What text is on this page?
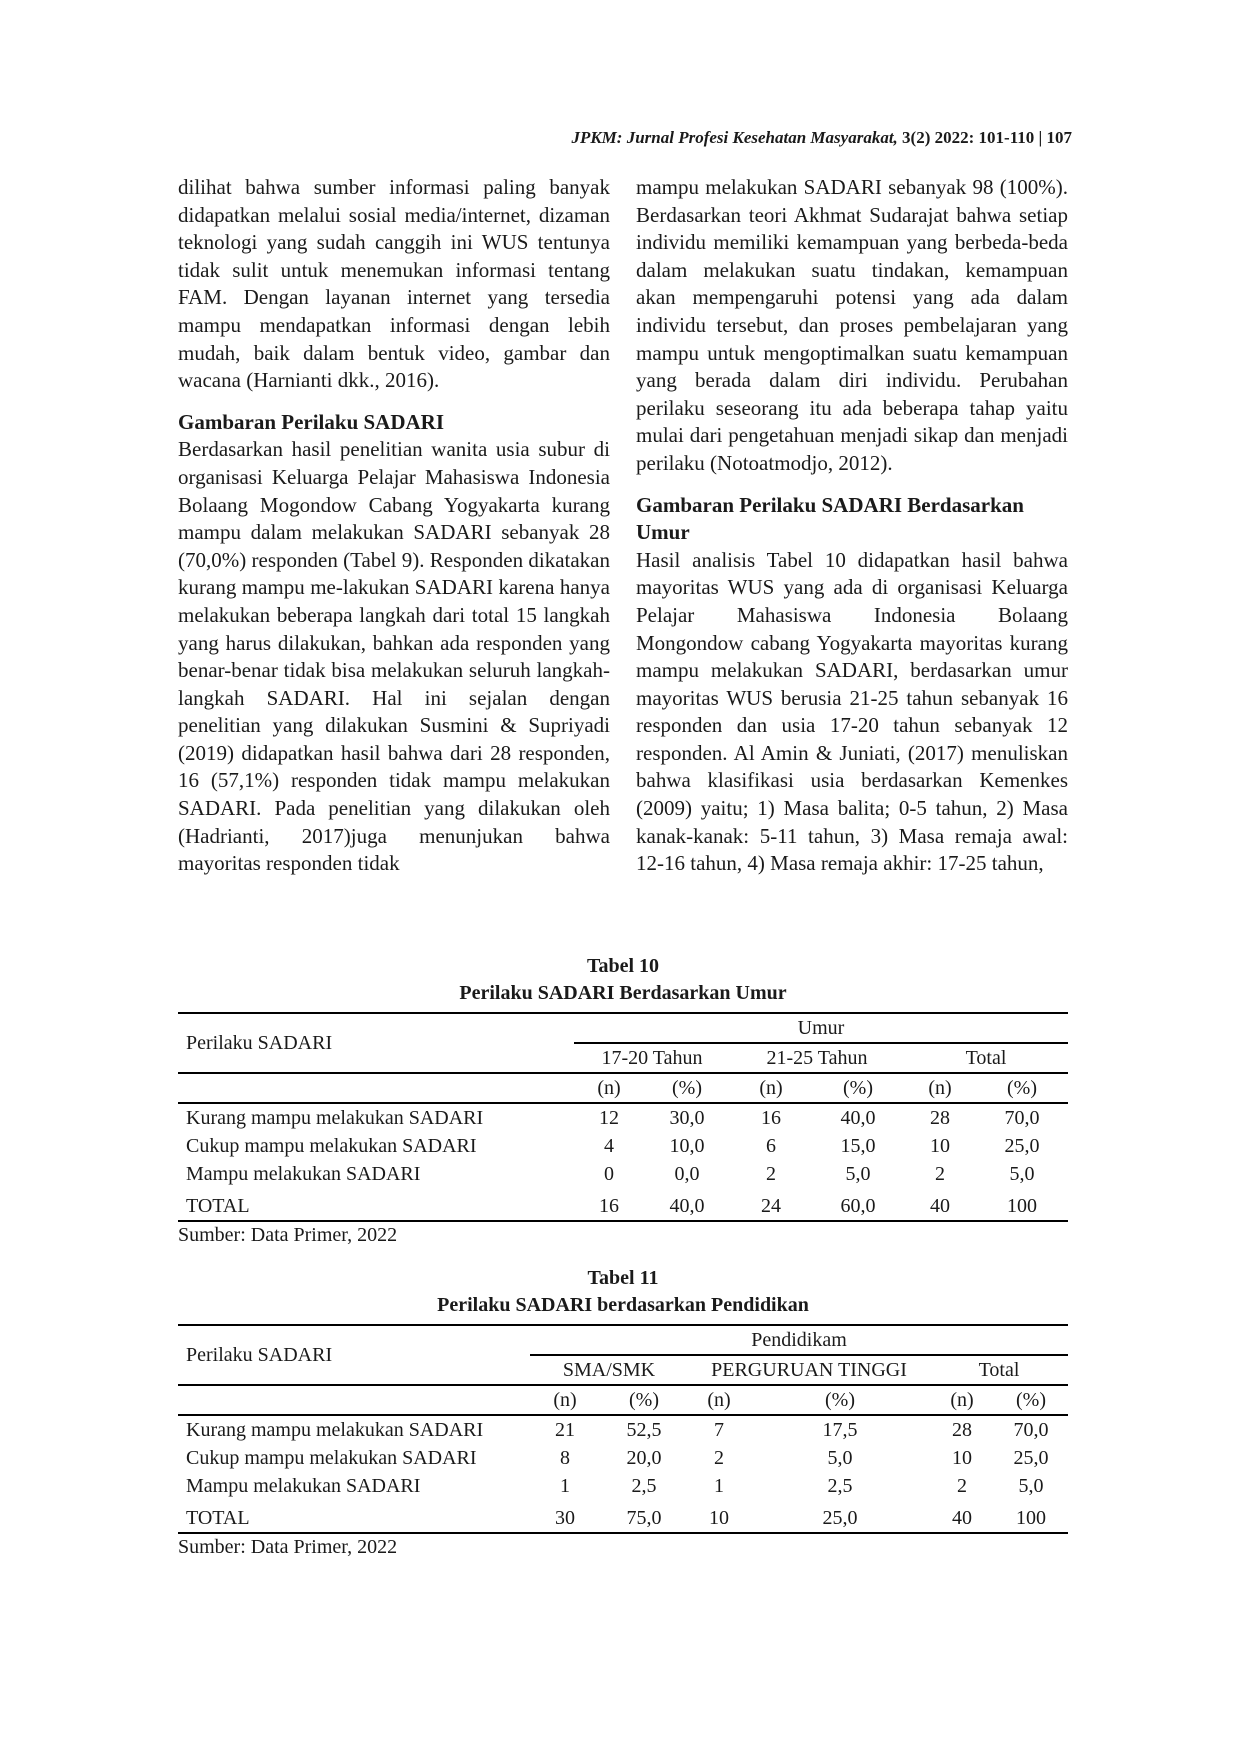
JPKM: Jurnal Profesi Kesehatan Masyarakat, 3(2) 2022: 101-110 | 107

dilihat bahwa sumber informasi paling banyak didapatkan melalui sosial media/internet, dizaman teknologi yang sudah canggih ini WUS tentunya tidak sulit untuk menemukan informasi tentang FAM. Dengan layanan internet yang tersedia mampu mendapatkan informasi dengan lebih mudah, baik dalam bentuk video, gambar dan wacana (Harnianti dkk., 2016).

Gambaran Perilaku SADARI

Berdasarkan hasil penelitian wanita usia subur di organisasi Keluarga Pelajar Mahasiswa Indonesia Bolaang Mogondow Cabang Yogyakarta kurang mampu dalam melakukan SADARI sebanyak 28 (70,0%) responden (Tabel 9). Responden dikatakan kurang mampu me-lakukan SADARI karena hanya melakukan beberapa langkah dari total 15 langkah yang harus dilakukan, bahkan ada responden yang benar-benar tidak bisa melakukan seluruh langkah-langkah SADARI. Hal ini sejalan dengan penelitian yang dilakukan Susmini & Supriyadi (2019) didapatkan hasil bahwa dari 28 responden, 16 (57,1%) responden tidak mampu melakukan SADARI. Pada penelitian yang dilakukan oleh (Hadrianti, 2017)juga menunjukan bahwa mayoritas responden tidak

mampu melakukan SADARI sebanyak 98 (100%). Berdasarkan teori Akhmat Sudarajat bahwa setiap individu memiliki kemampuan yang berbeda-beda dalam melakukan suatu tindakan, kemampuan akan mempengaruhi potensi yang ada dalam individu tersebut, dan proses pembelajaran yang mampu untuk mengoptimalkan suatu kemampuan yang berada dalam diri individu. Perubahan perilaku seseorang itu ada beberapa tahap yaitu mulai dari pengetahuan menjadi sikap dan menjadi perilaku (Notoatmodjo, 2012).

Gambaran Perilaku SADARI Berdasarkan Umur

Hasil analisis Tabel 10 didapatkan hasil bahwa mayoritas WUS yang ada di organisasi Keluarga Pelajar Mahasiswa Indonesia Bolaang Mongondow cabang Yogyakarta mayoritas kurang mampu melakukan SADARI, berdasarkan umur mayoritas WUS berusia 21-25 tahun sebanyak 16 responden dan usia 17-20 tahun sebanyak 12 responden. Al Amin & Juniati, (2017) menuliskan bahwa klasifikasi usia berdasarkan Kemenkes (2009) yaitu; 1) Masa balita; 0-5 tahun, 2) Masa kanak-kanak: 5-11 tahun, 3) Masa remaja awal: 12-16 tahun, 4) Masa remaja akhir: 17-25 tahun,

Tabel 10
Perilaku SADARI Berdasarkan Umur
Perilaku SADARI	Umur					
	17-20 Tahun		21-25 Tahun		Total	
	(n)	(%)	(n)	(%)	(n)	(%)
Kurang mampu melakukan SADARI	12	30,0	16	40,0	28	70,0
Cukup mampu melakukan SADARI	4	10,0	6	15,0	10	25,0
Mampu melakukan SADARI	0	0,0	2	5,0	2	5,0
TOTAL	16	40,0	24	60,0	40	100
Sumber: Data Primer, 2022
Tabel 11
Perilaku SADARI berdasarkan Pendidikan
Perilaku SADARI	Pendidikam					
	SMA/SMK		PERGURUAN TINGGI		Total	
	(n)	(%)	(n)	(%)	(n)	(%)
Kurang mampu melakukan SADARI	21	52,5	7	17,5	28	70,0
Cukup mampu melakukan SADARI	8	20,0	2	5,0	10	25,0
Mampu melakukan SADARI	1	2,5	1	2,5	2	5,0
TOTAL	30	75,0	10	25,0	40	100
Sumber: Data Primer, 2022
